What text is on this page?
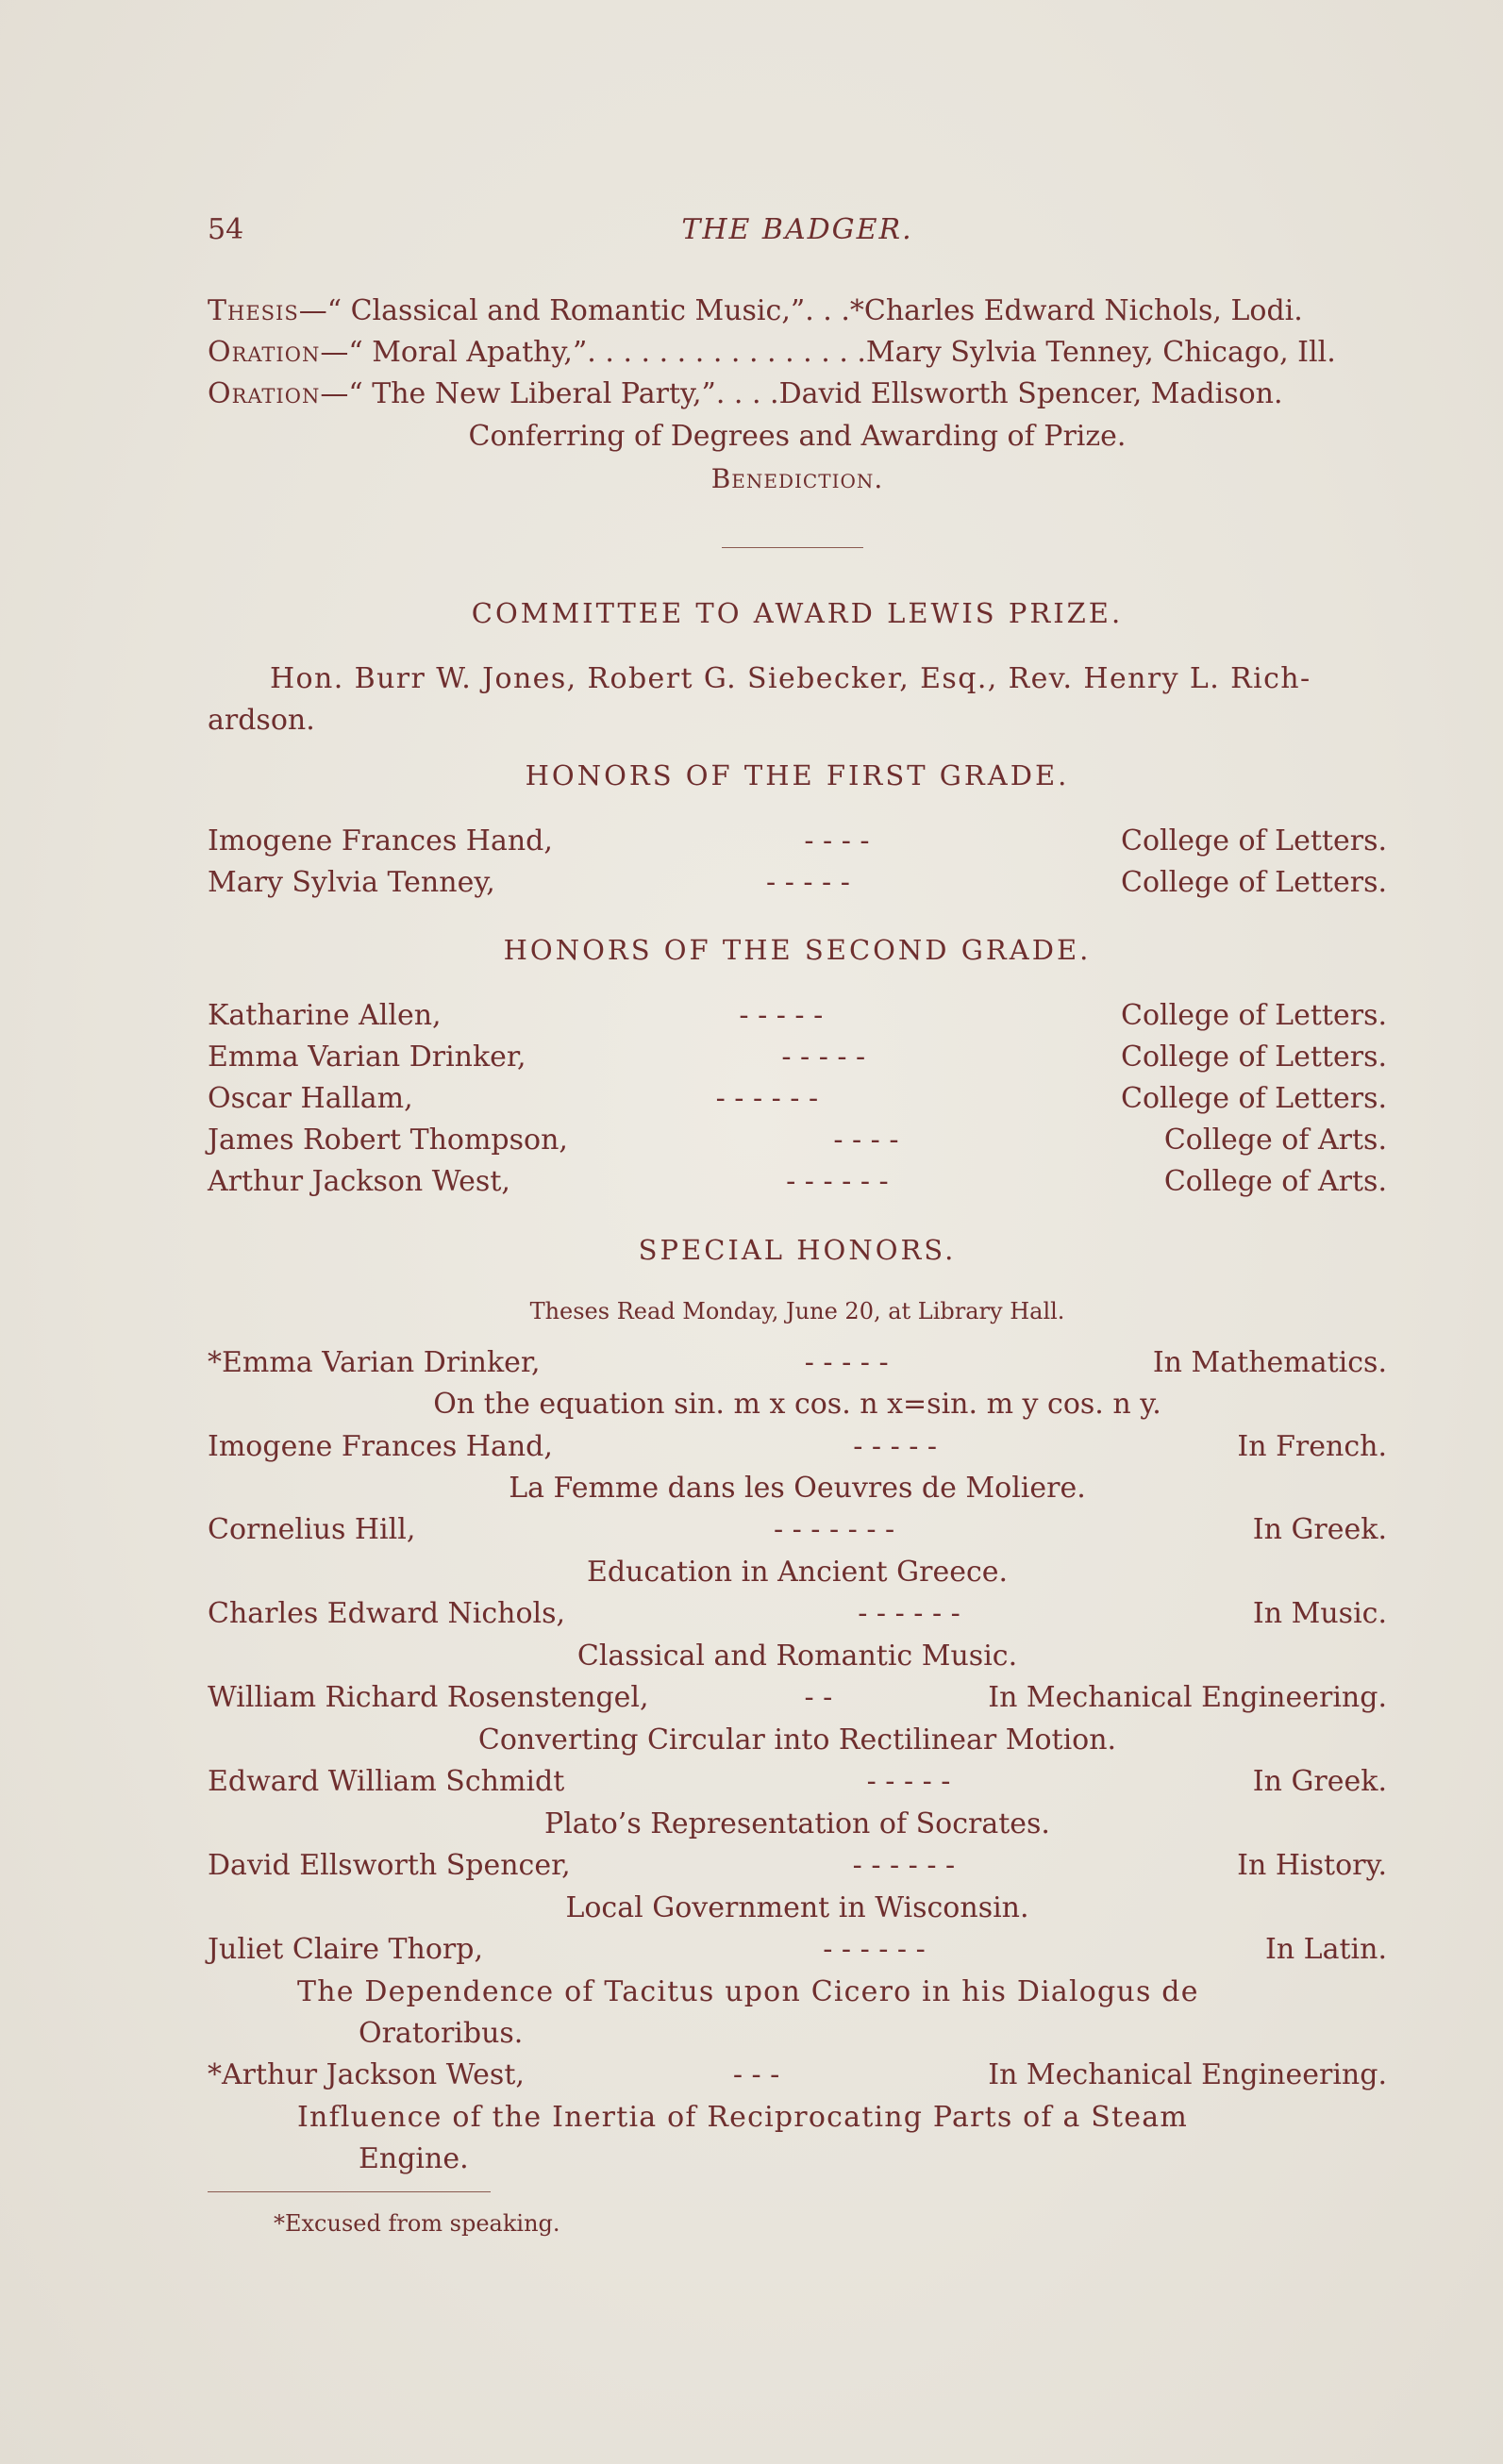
54	THE BADGER.
Thesis—“ Classical and Romantic Music,”. . .*Charles Edward Nichols, Lodi.
Oration—“ Moral Apathy,”. . . . . . . . . . . . . . . .Mary Sylvia Tenney, Chicago, Ill.
Oration—“ The New Liberal Party,”. . . .David Ellsworth Spencer, Madison.
Conferring of Degrees and Awarding of Prize.
Benediction.
COMMITTEE TO AWARD LEWIS PRIZE.
Hon. Burr W. Jones, Robert G. Siebecker, Esq., Rev. Henry L. Rich-
ardson.
HONORS OF THE FIRST GRADE.
Imogene Frances Hand,	- - - -	College of Letters.
Mary Sylvia Tenney,	- - - - -	College of Letters.
HONORS OF THE SECOND GRADE.
Katharine Allen,	- - - - -	College of Letters.
Emma Varian Drinker,	- - - - -	College of Letters.
Oscar Hallam,	- - - - - -	College of Letters.
James Robert Thompson,	- - - -	College of Arts.
Arthur Jackson West,	- - - - - -	College of Arts.
SPECIAL HONORS.
Theses Read Monday, June 20, at Library Hall.
*Emma Varian Drinker,	- - - - -	In Mathematics.
On the equation sin. m x cos. n x=sin. m y cos. n y.
Imogene Frances Hand,	- - - - -	In French.
La Femme dans les Oeuvres de Moliere.
Cornelius Hill,	- - - - - - -	In Greek.
Education in Ancient Greece.
Charles Edward Nichols,	- - - - - -	In Music.
Classical and Romantic Music.
William Richard Rosenstengel,	- -	In Mechanical Engineering.
Converting Circular into Rectilinear Motion.
Edward William Schmidt	- - - - -	In Greek.
Plato’s Representation of Socrates.
David Ellsworth Spencer,	- - - - - -	In History.
Local Government in Wisconsin.
Juliet Claire Thorp,	- - - - - -	In Latin.
The Dependence of Tacitus upon Cicero in his Dialogus de
Oratoribus.
*Arthur Jackson West,	- - -	In Mechanical Engineering.
Influence of the Inertia of Reciprocating Parts of a Steam
Engine.
*Excused from speaking.
